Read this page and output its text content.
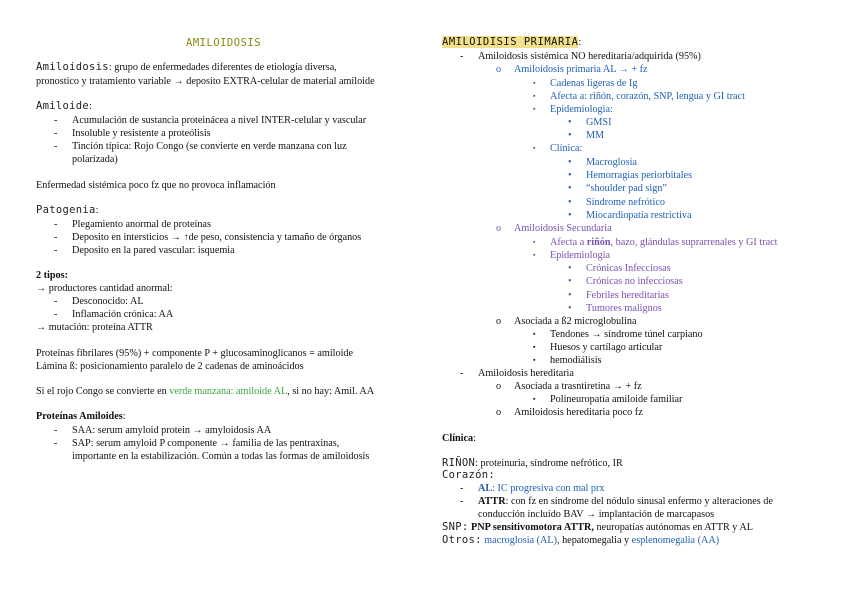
AMILOIDOSIS
Amiloidosis: grupo de enfermedades diferentes de etiología diversa,
pronostico y tratamiento variable → deposito EXTRA-celular de material amiloide
Amiloide:
- Acumulación de sustancia proteinácea a nivel INTER-celular y vascular
- Insoluble y resistente a proteólisis
- Tinción típica: Rojo Congo (se convierte en verde manzana con luz
polarizada)
Enfermedad sistémica poco fz que no provoca inflamación
Patogenia:
- Plegamiento anormal de proteínas
- Deposito en intersticios → ↑de peso, consistencia y tamaño de órganos
- Deposito en la pared vascular: isquemia
2 tipos:
→ productores cantidad anormal:
- Desconocido: AL
- Inflamación crónica: AA
→ mutación: proteína ATTR
Proteínas fibrilares (95%) + componente P + glucosaminoglicanos = amiloide
Lámina ß: posicionamiento paralelo de 2 cadenas de aminoácidos
Si el rojo Congo se convierte en verde manzana: amiloide AL, si no hay: Amil. AA
Proteínas Amiloides:
- SAA: serum amyloid protein → amyloidosis AA
- SAP: serum amyloid P componente → familia de las pentraxinas,
importante en la estabilización. Común a todas las formas de amiloidosis
AMILOIDISIS PRIMARIA:
- Amiloidosis sistémica NO hereditaria/adquirida (95%)
o Amiloidosis primaria AL → + fz
▪ Cadenas ligeras de Ig
▪ Afecta a: riñón, corazón, SNP, lengua y GI tract
▪ Epidemiologia:
• GMSI
• MM
▪ Clínica:
• Macroglosia
• Hemorragias periorbitales
• “shoulder pad sign”
• Síndrome nefrótico
• Miocardiopatía restrictiva
o Amiloidosis Secundaria
▪ Afecta a riñón, bazo, glándulas suprarrenales y GI tract
▪ Epidemiologia
• Crónicas Infecciosas
• Crónicas no infecciosas
• Febriles hereditarias
• Tumores malignos
o Asociada a ß2 microglobulina
▪ Tendones → síndrome túnel carpiano
▪ Huesos y cartílago articular
▪ hemodiálisis
- Amiloidosis hereditaria
o Asociada a trasntiretina → + fz
▪ Polineuropatía amiloide familiar
o Amiloidosis hereditaria poco fz
Clínica:
RIÑON: proteinuria, síndrome nefrótico, IR
Corazón:
- AL: IC progresiva con mal prx
- ATTR: con fz en síndrome del nódulo sinusal enfermo y alteraciones de
conducción incluido BAV → implantación de marcapasos
SNP: PNP sensitivomotora ATTR, neuropatías autónomas en ATTR y AL
Otros: macroglosia (AL), hepatomegalia y esplenomegalia (AA)
